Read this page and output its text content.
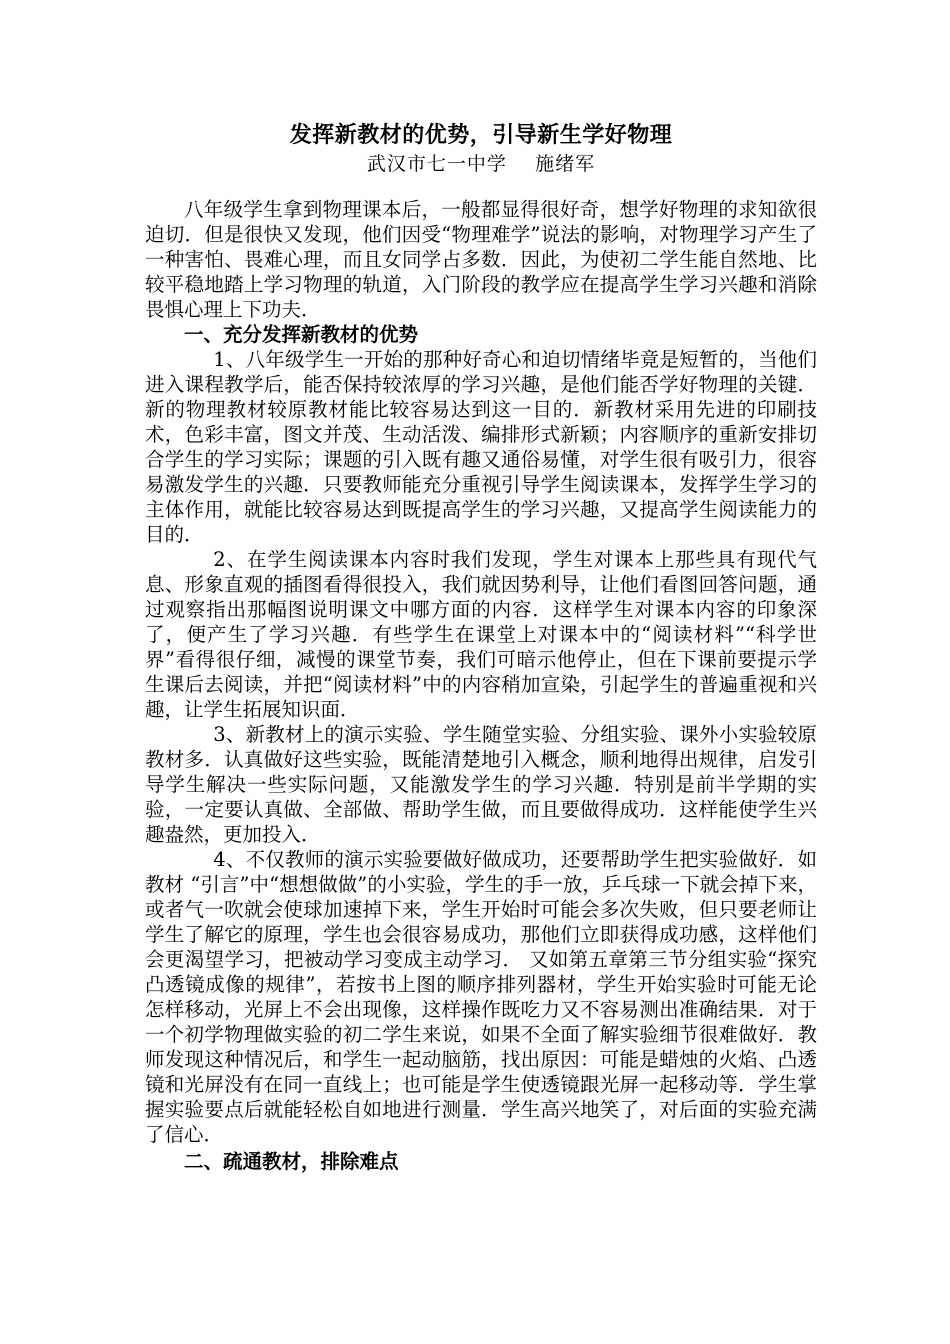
发挥新教材的优势，引导新生学好物理

武汉市七一中学    施绪军

八年级学生拿到物理课本后，一般都显得很好奇，想学好物理的求知欲很迫切．但是很快又发现，他们因受“物理难学”说法的影响，对物理学习产生了一种害怕、畏难心理，而且女同学占多数．因此，为使初二学生能自然地、比较平稳地踏上学习物理的轨道，入门阶段的教学应在提高学生学习兴趣和消除畏惧心理上下功夫．

一、充分发挥新教材的优势

1、八年级学生一开始的那种好奇心和迫切情绪毕竟是短暂的，当他们进入课程教学后，能否保持较浓厚的学习兴趣，是他们能否学好物理的关键．新的物理教材较原教材能比较容易达到这一目的．新教材采用先进的印刷技术，色彩丰富，图文并茂、生动活泼、编排形式新颖；内容顺序的重新安排切合学生的学习实际；课题的引入既有趣又通俗易懂，对学生很有吸引力，很容易激发学生的兴趣．只要教师能充分重视引导学生阅读课本，发挥学生学习的主体作用，就能比较容易达到既提高学生的学习兴趣，又提高学生阅读能力的目的．

2、在学生阅读课本内容时我们发现，学生对课本上那些具有现代气息、形象直观的插图看得很投入，我们就因势利导，让他们看图回答问题，通过观察指出那幅图说明课文中哪方面的内容．这样学生对课本内容的印象深了，便产生了学习兴趣．有些学生在课堂上对课本中的“阅读材料”“科学世界”看得很仔细，减慢的课堂节奏，我们可暗示他停止，但在下课前要提示学生课后去阅读，并把“阅读材料”中的内容稍加宣染，引起学生的普遍重视和兴趣，让学生拓展知识面．

3、新教材上的演示实验、学生随堂实验、分组实验、课外小实验较原教材多．认真做好这些实验，既能清楚地引入概念，顺利地得出规律，启发引导学生解决一些实际问题，又能激发学生的学习兴趣．特别是前半学期的实验，一定要认真做、全部做、帮助学生做，而且要做得成功．这样能使学生兴趣盎然，更加投入．

4、不仅教师的演示实验要做好做成功，还要帮助学生把实验做好．如教材 “引言”中“想想做做”的小实验，学生的手一放，乒乓球一下就会掉下来，或者气一吹就会使球加速掉下来，学生开始时可能会多次失败，但只要老师让学生了解它的原理，学生也会很容易成功，那他们立即获得成功感，这样他们会更渴望学习，把被动学习变成主动学习． 又如第五章第三节分组实验“探究凸透镜成像的规律”，若按书上图的顺序排列器材，学生开始实验时可能无论怎样移动，光屏上不会出现像，这样操作既吃力又不容易测出准确结果．对于一个初学物理做实验的初二学生来说，如果不全面了解实验细节很难做好．教师发现这种情况后，和学生一起动脑筋，找出原因：可能是蜡烛的火焰、凸透镜和光屏没有在同一直线上；也可能是学生使透镜跟光屏一起移动等．学生掌握实验要点后就能轻松自如地进行测量．学生高兴地笑了，对后面的实验充满了信心．

二、疏通教材，排除难点
